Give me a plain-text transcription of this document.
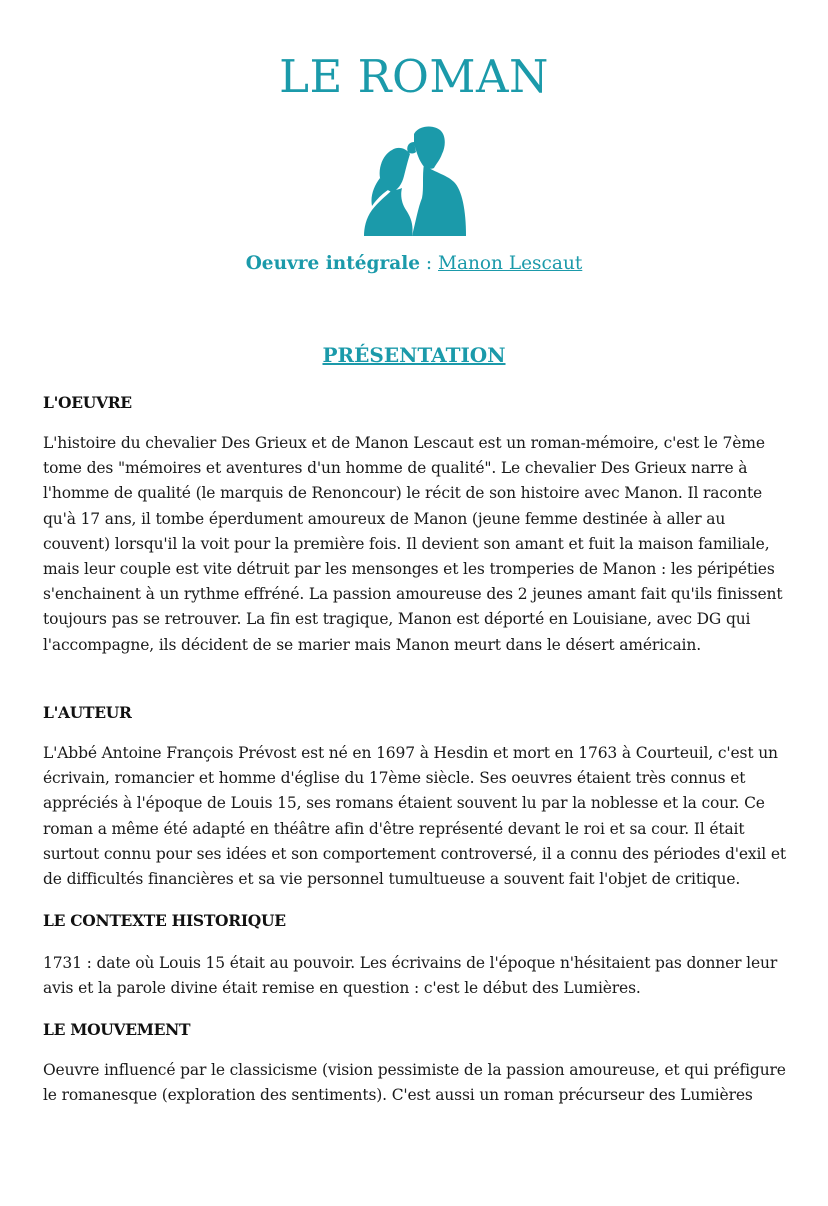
LE ROMAN
Oeuvre intégrale : Manon Lescaut
PRÉSENTATION
L'OEUVRE
L'histoire du chevalier Des Grieux et de Manon Lescaut est un roman-mémoire, c'est le 7ème tome des "mémoires et aventures d'un homme de qualité". Le chevalier Des Grieux narre à l'homme de qualité (le marquis de Renoncour) le récit de son histoire avec Manon. Il raconte qu'à 17 ans, il tombe éperdument amoureux de Manon (jeune femme destinée à aller au couvent) lorsqu'il la voit pour la première fois. Il devient son amant et fuit la maison familiale, mais leur couple est vite détruit par les mensonges et les tromperies de Manon : les péripéties s'enchainent à un rythme effréné. La passion amoureuse des 2 jeunes amant fait qu'ils finissent toujours pas se retrouver. La fin est tragique, Manon est déporté en Louisiane, avec DG qui l'accompagne, ils décident de se marier mais Manon meurt dans le désert américain.
L'AUTEUR
L'Abbé Antoine François Prévost est né en 1697 à Hesdin et mort en 1763 à Courteuil, c'est un écrivain, romancier et homme d'église du 17ème siècle. Ses oeuvres étaient très connus et appréciés à l'époque de Louis 15, ses romans étaient souvent lu par la noblesse et la cour. Ce roman a même été adapté en théâtre afin d'être représenté devant le roi et sa cour. Il était surtout connu pour ses idées et son comportement controversé, il a connu des périodes d'exil et de difficultés financières et sa vie personnel tumultueuse a souvent fait l'objet de critique.
LE CONTEXTE HISTORIQUE
1731 : date où Louis 15 était au pouvoir. Les écrivains de l'époque n'hésitaient pas donner leur avis et la parole divine était remise en question : c'est le début des Lumières.
LE MOUVEMENT
Oeuvre influencé par le classicisme (vision pessimiste de la passion amoureuse, et qui préfigure le romanesque (exploration des sentiments). C'est aussi un roman précurseur des Lumières
